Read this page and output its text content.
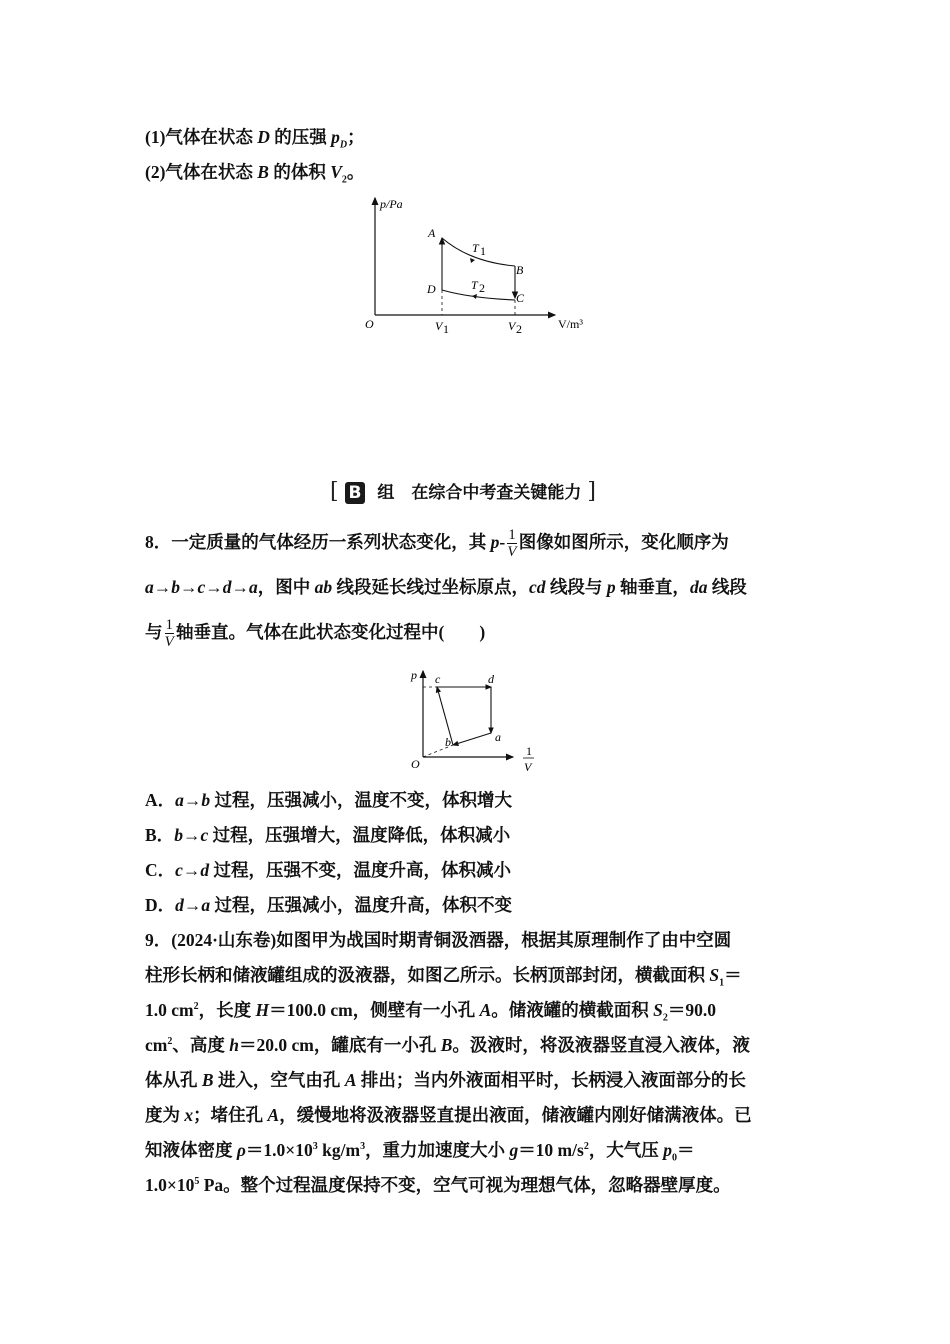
(1)气体在状态 D 的压强 $p_D$；
(2)气体在状态 B 的体积 $V_2$。
p/Pa
V/m³
O
A
B
C
D
T 1
T 2
V 1	V 2
[ B 组　在综合中考查关键能力 ]
8．一定质量的气体经历一系列状态变化，其 $p- \frac{1}{V}$ 图像如图所示，变化顺序为
a→b→c→d→a，图中 ab 线段延长线过坐标原点，cd 线段与 p 轴垂直，da 线段
与 $\frac{1}{V}$ 轴垂直。气体在此状态变化过程中(　　)
p
O
1
V
a
b
c	d
A．a→b 过程，压强减小，温度不变，体积增大
B．b→c 过程，压强增大，温度降低，体积减小
C．c→d 过程，压强不变，温度升高，体积减小
D．d→a 过程，压强减小，温度升高，体积不变
9．(2024·山东卷)如图甲为战国时期青铜汲酒器，根据其原理制作了由中空圆
柱形长柄和储液罐组成的汲液器，如图乙所示。长柄顶部封闭，横截面积 $S_1=$
1.0 $cm^2$，长度 H＝100.0 cm，侧壁有一小孔 A。储液罐的横截面积 $S_2=90.0$
$cm^2$、高度 h＝20.0 cm，罐底有一小孔 B。汲液时，将汲液器竖直浸入液体，液
体从孔 B 进入，空气由孔 A 排出；当内外液面相平时，长柄浸入液面部分的长
度为 x；堵住孔 A，缓慢地将汲液器竖直提出液面，储液罐内刚好储满液体。已
知液体密度 $\rho=1.0\times 10^3$ $kg/m^3$，重力加速度大小 g＝10 $m/s^2$，大气压 $p_0=$
$1.0\times 10^5$ Pa。整个过程温度保持不变，空气可视为理想气体，忽略器壁厚度。
